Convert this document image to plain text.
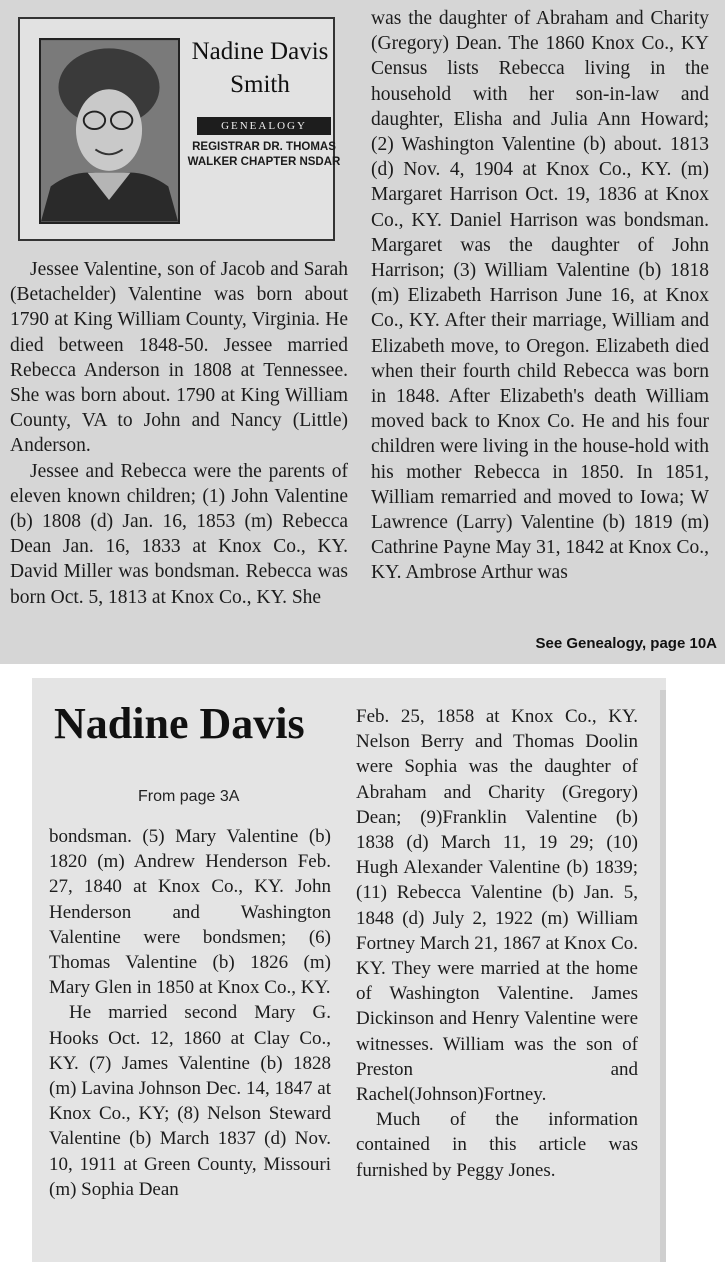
Nadine Davis Smith
GENEALOGY
REGISTRAR DR. THOMAS WALKER CHAPTER NSDAR

Jessee Valentine, son of Jacob and Sarah (Betachelder) Valentine was born about 1790 at King William County, Virginia. He died between 1848-50. Jessee married Rebecca Anderson in 1808 at Tennessee. She was born about. 1790 at King William County, VA to John and Nancy (Little) Anderson.

Jessee and Rebecca were the parents of eleven known children; (1) John Valentine (b) 1808 (d) Jan. 16, 1853 (m) Rebecca Dean Jan. 16, 1833 at Knox Co., KY. David Miller was bondsman. Rebecca was born Oct. 5, 1813 at Knox Co., KY. She

was the daughter of Abraham and Charity (Gregory) Dean. The 1860 Knox Co., KY Census lists Rebecca living in the household with her son-in-law and daughter, Elisha and Julia Ann Howard; (2) Washington Valentine (b) about. 1813 (d) Nov. 4, 1904 at Knox Co., KY. (m) Margaret Harrison Oct. 19, 1836 at Knox Co., KY. Daniel Harrison was bondsman. Margaret was the daughter of John Harrison; (3) William Valentine (b) 1818 (m) Elizabeth Harrison June 16, at Knox Co., KY. After their marriage, William and Elizabeth move, to Oregon. Elizabeth died when their fourth child Rebecca was born in 1848. After Elizabeth's death William moved back to Knox Co. He and his four children were living in the house-hold with his mother Rebecca in 1850. In 1851, William remarried and moved to Iowa; W Lawrence (Larry) Valentine (b) 1819 (m) Cathrine Payne May 31, 1842 at Knox Co., KY. Ambrose Arthur was

See Genealogy, page 10A
Nadine Davis
From page 3A

bondsman. (5) Mary Valentine (b) 1820 (m) Andrew Henderson Feb. 27, 1840 at Knox Co., KY. John Henderson and Washington Valentine were bondsmen; (6) Thomas Valentine (b) 1826 (m) Mary Glen in 1850 at Knox Co., KY.

He married second Mary G. Hooks Oct. 12, 1860 at Clay Co., KY. (7) James Valentine (b) 1828 (m) Lavina Johnson Dec. 14, 1847 at Knox Co., KY; (8) Nelson Steward Valentine (b) March 1837 (d) Nov. 10, 1911 at Green County, Missouri (m) Sophia Dean

Feb. 25, 1858 at Knox Co., KY. Nelson Berry and Thomas Doolin were Sophia was the daughter of Abraham and Charity (Gregory) Dean; (9)Franklin Valentine (b) 1838 (d) March 11, 19 29; (10) Hugh Alexander Valentine (b) 1839; (11) Rebecca Valentine (b) Jan. 5, 1848 (d) July 2, 1922 (m) William Fortney March 21, 1867 at Knox Co. KY. They were married at the home of Washington Valentine. James Dickinson and Henry Valentine were witnesses. William was the son of Preston and Rachel(Johnson)Fortney.

Much of the information contained in this article was furnished by Peggy Jones.
